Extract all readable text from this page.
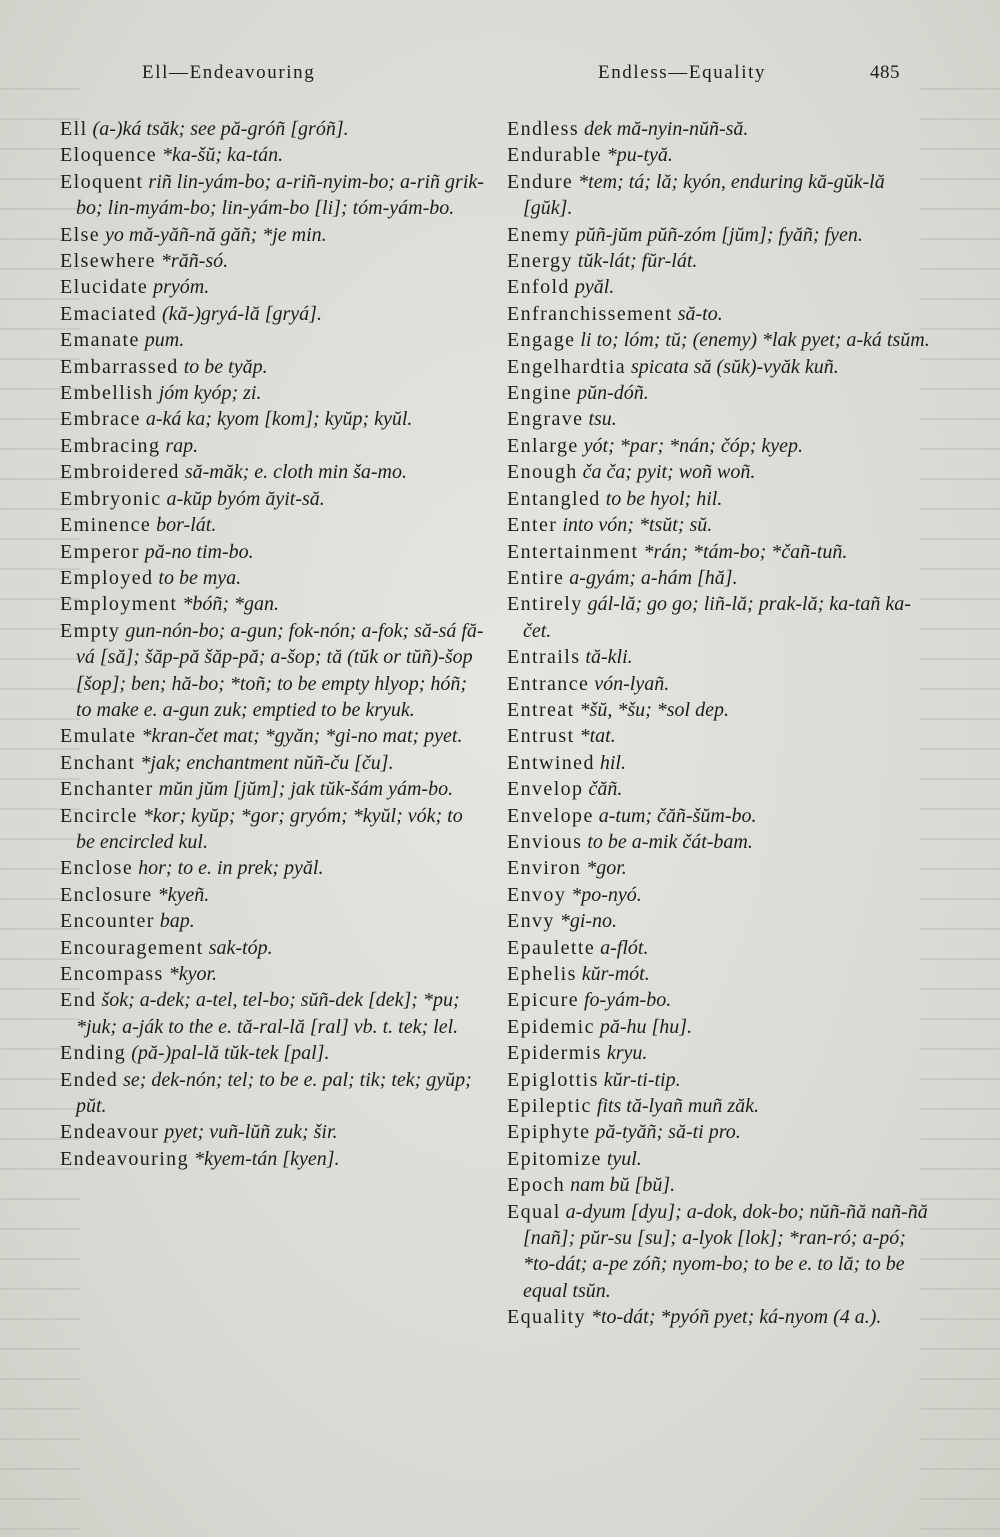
Ell—Endeavouring	Endless—Equality	485

Ell (a-)ká tsăk; see pă-gróñ [gróñ].

Eloquence *ka-šŭ; ka-tán.

Eloquent riñ lin-yám-bo; a-riñ-nyim-bo; a-riñ grik-bo; lin-myám-bo; lin-yám-bo [li]; tóm-yám-bo.

Else yo mă-yăñ-nă găñ; *je min.

Elsewhere *răñ-só.

Elucidate pryóm.

Emaciated (kă-)gryá-lă [gryá].

Emanate pum.

Embarrassed to be tyăp.

Embellish jóm kyóp; zi.

Embrace a-ká ka; kyom [kom]; kyŭp; kyŭl.

Embracing rap.

Embroidered să-măk; e. cloth min ša-mo.

Embryonic a-kŭp byóm ăyit-să.

Eminence bor-lát.

Emperor pă-no tim-bo.

Employed to be mya.

Employment *bóñ; *gan.

Empty gun-nón-bo; a-gun; fok-nón; a-fok; să-sá fă-vá [să]; šăp-pă šăp-pă; a-šop; tă (tŭk or tŭñ)-šop [šop]; ben; hă-bo; *toñ; to be empty hlyop; hóñ; to make e. a-gun zuk; emptied to be kryuk.

Emulate *kran-čet mat; *gyăn; *gi-no mat; pyet.

Enchant *jak; enchantment nŭñ-ču [ču].

Enchanter mŭn jŭm [jŭm]; jak tŭk-šám yám-bo.

Encircle *kor; kyŭp; *gor; gryóm; *kyŭl; vók; to be encircled kul.

Enclose hor; to e. in prek; pyăl.

Enclosure *kyeñ.

Encounter bap.

Encouragement sak-tóp.

Encompass *kyor.

End šok; a-dek; a-tel, tel-bo; sŭñ-dek [dek]; *pu; *juk; a-ják to the e. tă-ral-lă [ral] vb. t. tek; lel.

Ending (pă-)pal-lă tŭk-tek [pal].

Ended se; dek-nón; tel; to be e. pal; tik; tek; gyŭp; pŭt.

Endeavour pyet; vuñ-lŭñ zuk; šir.

Endeavouring *kyem-tán [kyen].

Endless dek mă-nyin-nŭñ-să.

Endurable *pu-tyă.

Endure *tem; tá; lă; kyón, enduring kă-gŭk-lă [gŭk].

Enemy pŭñ-jŭm pŭñ-zóm [jŭm]; fyăñ; fyen.

Energy tŭk-lát; fŭr-lát.

Enfold pyăl.

Enfranchissement să-to.

Engage li to; lóm; tŭ; (enemy) *lak pyet; a-ká tsŭm.

Engelhardtia spicata să (sŭk)-vyăk kuñ.

Engine pŭn-dóñ.

Engrave tsu.

Enlarge yót; *par; *nán; čóp; kyep.

Enough ča ča; pyit; woñ woñ.

Entangled to be hyol; hil.

Enter into vón; *tsŭt; sŭ.

Entertainment *rán; *tám-bo; *čañ-tuñ.

Entire a-gyám; a-hám [hă].

Entirely gál-lă; go go; liñ-lă; prak-lă; ka-tañ ka-čet.

Entrails tă-kli.

Entrance vón-lyañ.

Entreat *šŭ, *šu; *sol dep.

Entrust *tat.

Entwined hil.

Envelop čăñ.

Envelope a-tum; čăñ-šŭm-bo.

Envious to be a-mik čát-bam.

Environ *gor.

Envoy *po-nyó.

Envy *gi-no.

Epaulette a-flót.

Ephelis kŭr-mót.

Epicure fo-yám-bo.

Epidemic pă-hu [hu].

Epidermis kryu.

Epiglottis kŭr-ti-tip.

Epileptic fits tă-lyañ muñ zăk.

Epiphyte pă-tyăñ; să-ti pro.

Epitomize tyul.

Epoch nam bŭ [bŭ].

Equal a-dyum [dyu]; a-dok, dok-bo; nŭñ-ñă nañ-ñă [nañ]; pŭr-su [su]; a-lyok [lok]; *ran-ró; a-pó; *to-dát; a-pe zóñ; nyom-bo; to be e. to lă; to be equal tsŭn.

Equality *to-dát; *pyóñ pyet; ká-nyom (4 a.).
